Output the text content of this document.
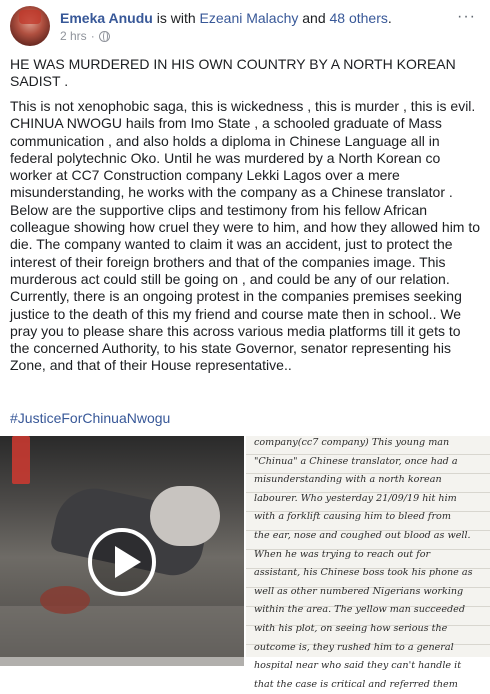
Emeka Anudu is with Ezeani Malachy and 48 others.
2 hrs ·
···
HE WAS MURDERED IN HIS OWN COUNTRY BY A NORTH KOREAN SADIST .
This is not xenophobic saga, this is wickedness , this is murder , this is evil. CHINUA NWOGU hails from Imo State , a schooled graduate of Mass communication , and also holds a diploma in Chinese Language all in federal polytechnic Oko. Until he was murdered by a North Korean co worker at CC7 Construction company Lekki Lagos over a mere misunderstanding, he works with the company as a Chinese translator . Below are the supportive clips and testimony from his fellow African colleague showing how cruel they were to him, and how they allowed him to die. The company wanted to claim it was an accident, just to protect the interest of their foreign brothers and that of the companies image. This murderous act could still be going on , and could be any of our relation. Currently, there is an ongoing protest in the companies premises seeking justice to the death of this my friend and course mate then in school.. We pray you to please share this across various media platforms till it gets to the concerned Authority, to his state Governor, senator representing his Zone, and that of their House representative..
#JusticeForChinuaNwogu
company(cc7 company) This young man
"Chinua" a Chinese translator, once had a
misunderstanding with a north korean
labourer. Who yesterday 21/09/19 hit him
with a forklift causing him to bleed from
the ear, nose and coughed out blood as well.
When he was trying to reach out for
assistant, his Chinese boss took his phone as
well as other numbered Nigerians working
within the area. The yellow man succeeded
with his plot, on seeing how serious the
outcome is, they rushed him to a general
hospital near who said they can't handle it
that the case is critical and referred them
